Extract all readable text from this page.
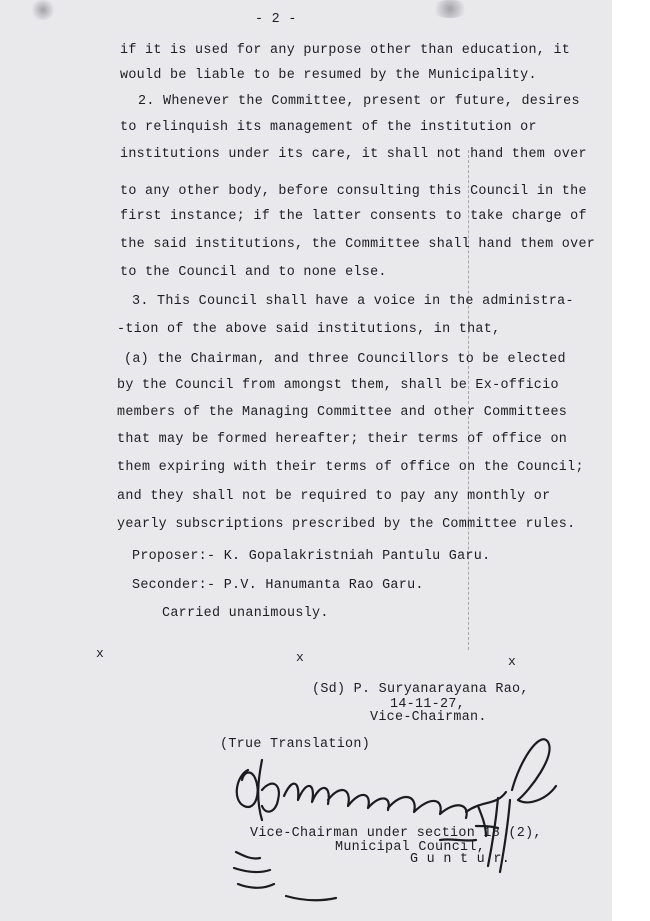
- 2 -
if it is used for any purpose other than education, it
would be liable to be resumed by the Municipality.
2. Whenever the Committee, present or future, desires
to relinquish its management of the institution or
institutions under its care, it shall not hand them over
to any other body, before consulting this Council in the
first instance; if the latter consents to take charge of
the said institutions, the Committee shall hand them over
to the Council and to none else.
3. This Council shall have a voice in the administra-
-tion of the above said institutions, in that,
(a) the Chairman, and three Councillors to be elected
by the Council from amongst them, shall be Ex-officio
members of the Managing Committee and other Committees
that may be formed hereafter; their terms of office on
them expiring with their terms of office on the Council;
and they shall not be required to pay any monthly or
yearly subscriptions prescribed by the Committee rules.
Proposer:- K. Gopalakristniah Pantulu Garu.
Seconder:- P.V. Hanumanta Rao Garu.
Carried unanimously.
x	x	x
(Sd) P. Suryanarayana Rao,
14-11-27,
Vice-Chairman.
(True Translation)
Vice-Chairman under section 18 (2),
Municipal Council,
G u n t u r.
